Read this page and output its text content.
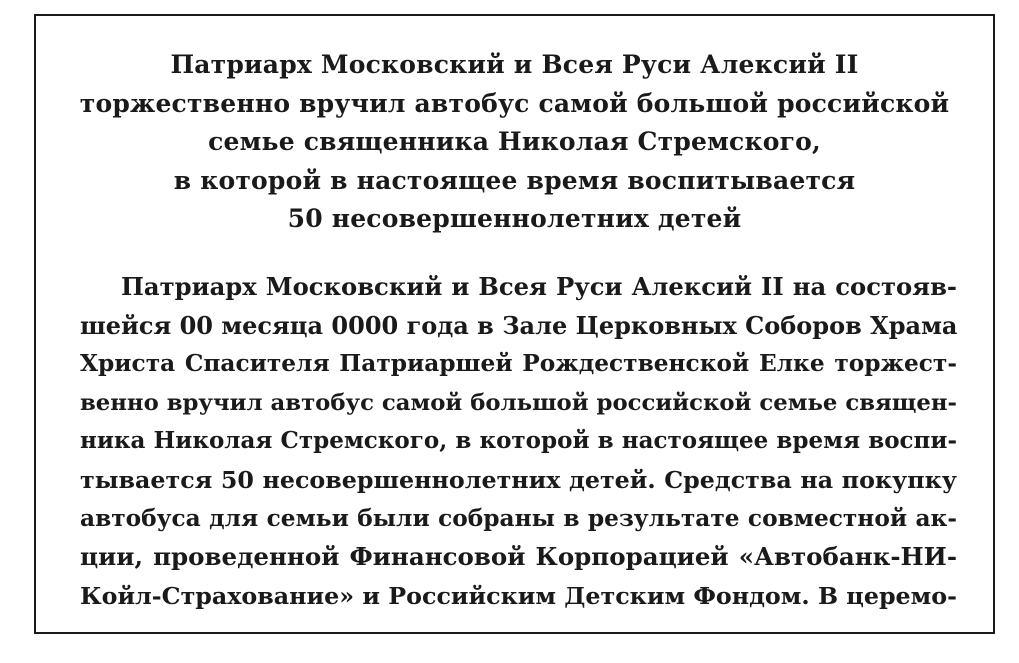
Патриарх Московский и Всея Руси Алексий II
торжественно вручил автобус самой большой российской
семье священника Николая Стремского,
в которой в настоящее время воспитывается
50 несовершеннолетних детей
Патриарх Московский и Всея Руси Алексий II на состояв-
шейся 00 месяца 0000 года в Зале Церковных Соборов Храма
Христа Спасителя Патриаршей Рождественской Елке торжест-
венно вручил автобус самой большой российской семье священ-
ника Николая Стремского, в которой в настоящее время воспи-
тывается 50 несовершеннолетних детей. Средства на покупку
автобуса для семьи были собраны в результате совместной ак-
ции, проведенной Финансовой Корпорацией «Автобанк-НИ-
Койл-Страхование» и Российским Детским Фондом. В церемо-
